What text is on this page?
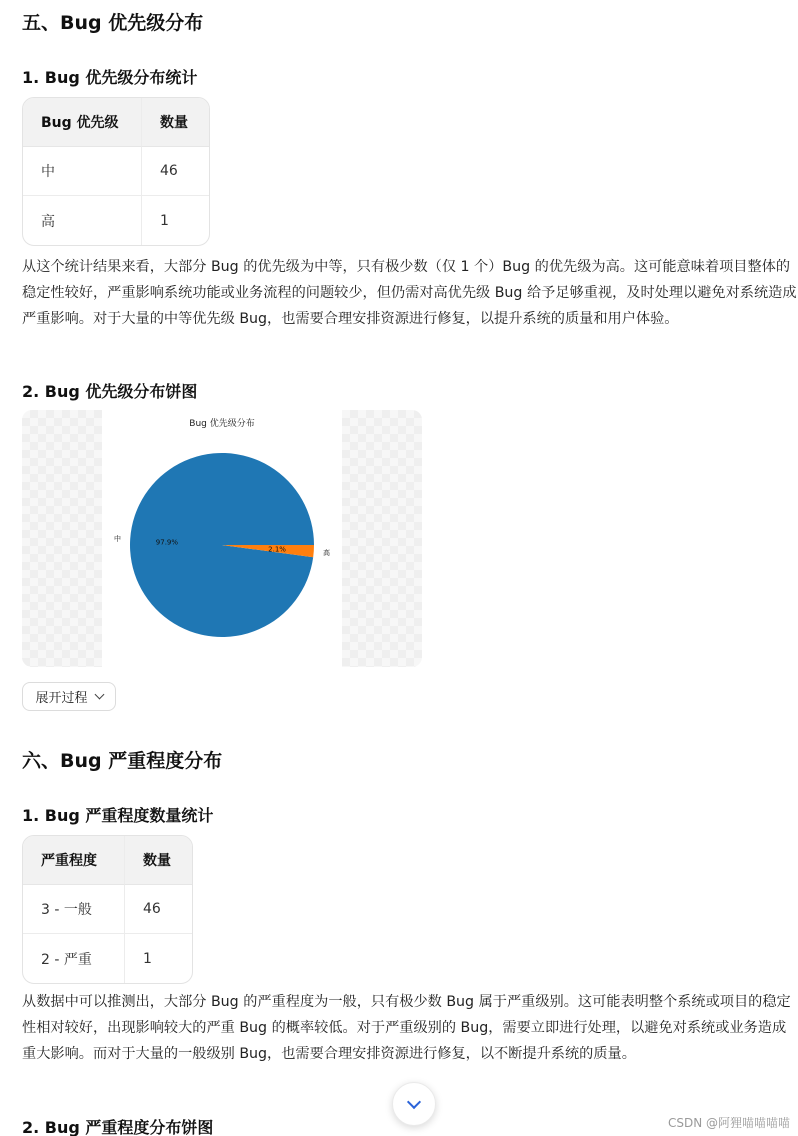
五、Bug 优先级分布
1. Bug 优先级分布统计
Bug 优先级	数量
中	46
高	1

从这个统计结果来看，大部分 Bug 的优先级为中等，只有极少数（仅 1 个）Bug 的优先级为高。这可能意味着项目整体的稳定性较好，严重影响系统功能或业务流程的问题较少，但仍需对高优先级 Bug 给予足够重视，及时处理以避免对系统造成严重影响。对于大量的中等优先级 Bug，也需要合理安排资源进行修复，以提升系统的质量和用户体验。

2. Bug 优先级分布饼图
Bug 优先级分布
97.9%
中
2.1%	高
展开过程
六、Bug 严重程度分布
1. Bug 严重程度数量统计
严重程度	数量
3 - 一般	46
2 - 严重	1

从数据中可以推测出，大部分 Bug 的严重程度为一般，只有极少数 Bug 属于严重级别。这可能表明整个系统或项目的稳定性相对较好，出现影响较大的严重 Bug 的概率较低。对于严重级别的 Bug，需要立即进行处理，以避免对系统或业务造成重大影响。而对于大量的一般级别 Bug，也需要合理安排资源进行修复，以不断提升系统的质量。

2. Bug 严重程度分布饼图	CSDN @阿狸喵喵喵喵
